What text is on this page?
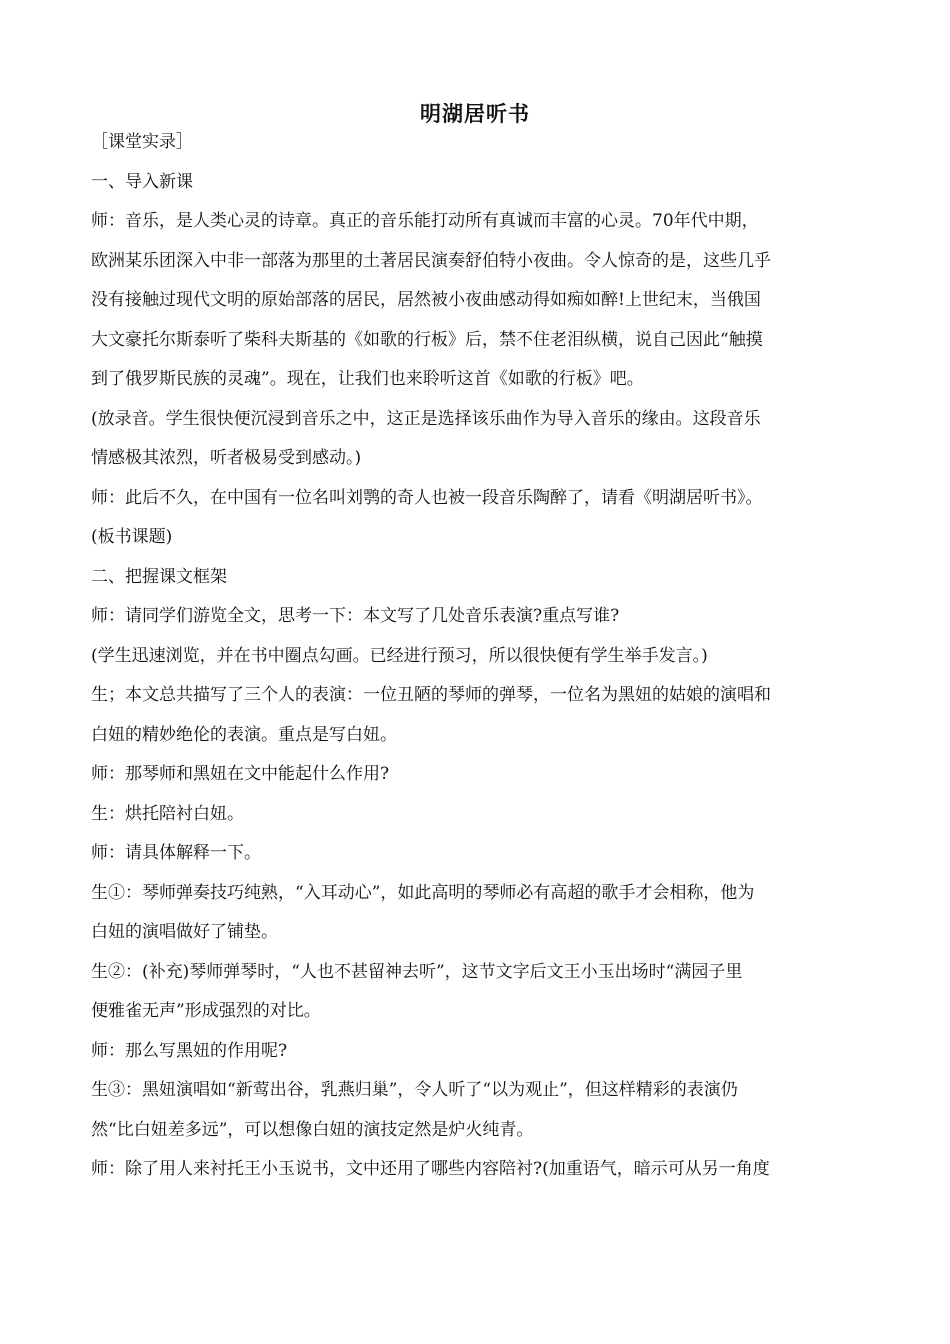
明湖居听书
［课堂实录］
一、导入新课
师：音乐，是人类心灵的诗章。真正的音乐能打动所有真诚而丰富的心灵。70年代中期，
欧洲某乐团深入中非一部落为那里的土著居民演奏舒伯特小夜曲。令人惊奇的是，这些几乎
没有接触过现代文明的原始部落的居民，居然被小夜曲感动得如痴如醉!上世纪末，当俄国
大文豪托尔斯泰听了柴科夫斯基的《如歌的行板》后，禁不住老泪纵横，说自己因此“触摸
到了俄罗斯民族的灵魂”。现在，让我们也来聆听这首《如歌的行板》吧。
(放录音。学生很快便沉浸到音乐之中，这正是选择该乐曲作为导入音乐的缘由。这段音乐
情感极其浓烈，听者极易受到感动。)
师：此后不久，在中国有一位名叫刘鹗的奇人也被一段音乐陶醉了，请看《明湖居听书》。
(板书课题)
二、把握课文框架
师：请同学们游览全文，思考一下：本文写了几处音乐表演?重点写谁?
(学生迅速浏览，并在书中圈点勾画。已经进行预习，所以很快便有学生举手发言。)
生；本文总共描写了三个人的表演：一位丑陋的琴师的弹琴，一位名为黑妞的姑娘的演唱和
白妞的精妙绝伦的表演。重点是写白妞。
师：那琴师和黑妞在文中能起什么作用?
生：烘托陪衬白妞。
师：请具体解释一下。
生①：琴师弹奏技巧纯熟，“入耳动心”，如此高明的琴师必有高超的歌手才会相称，他为
白妞的演唱做好了铺垫。
生②：(补充)琴师弹琴时，“人也不甚留神去听”，这节文字后文王小玉出场时“满园子里
便雅雀无声”形成强烈的对比。
师：那么写黑妞的作用呢?
生③：黑妞演唱如“新莺出谷，乳燕归巢”，令人听了“以为观止”，但这样精彩的表演仍
然“比白妞差多远”，可以想像白妞的演技定然是炉火纯青。
师：除了用人来衬托王小玉说书，文中还用了哪些内容陪衬?(加重语气，暗示可从另一角度
